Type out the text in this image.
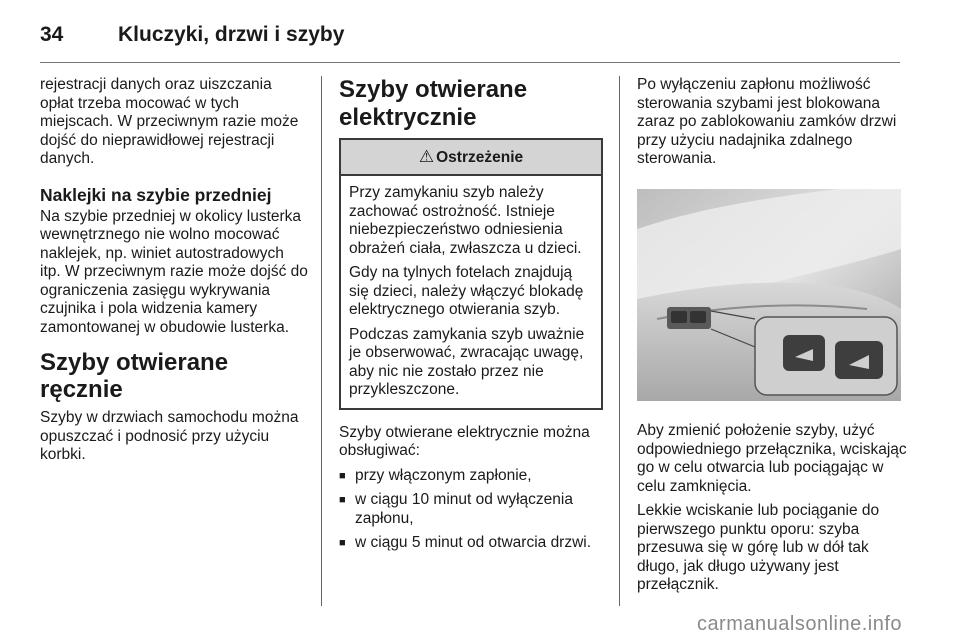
34	Kluczyki, drzwi i szyby

rejestracji danych oraz uiszczania opłat trzeba mocować w tych miejscach. W przeciwnym razie może dojść do nieprawidłowej rejestracji danych.

Naklejki na szybie przedniej

Na szybie przedniej w okolicy lusterka wewnętrznego nie wolno mocować naklejek, np. winiet autostradowych itp. W przeciwnym razie może dojść do ograniczenia zasięgu wykrywania czujnika i pola widzenia kamery zamontowanej w obudowie lusterka.

Szyby otwierane ręcznie

Szyby w drzwiach samochodu można opuszczać i podnosić przy użyciu korbki.

Szyby otwierane elektrycznie
⚠ Ostrzeżenie

Przy zamykaniu szyb należy zachować ostrożność. Istnieje niebezpieczeństwo odniesienia obrażeń ciała, zwłaszcza u dzieci.

Gdy na tylnych fotelach znajdują się dzieci, należy włączyć blokadę elektrycznego otwierania szyb.

Podczas zamykania szyb uważnie je obserwować, zwracając uwagę, aby nic nie zostało przez nie przykleszczone.

Szyby otwierane elektrycznie można obsługiwać:

■ przy włączonym zapłonie,
■ w ciągu 10 minut od wyłączenia zapłonu,
■ w ciągu 5 minut od otwarcia drzwi.

Po wyłączeniu zapłonu możliwość sterowania szybami jest blokowana zaraz po zablokowaniu zamków drzwi przy użyciu nadajnika zdalnego sterowania.

Aby zmienić położenie szyby, użyć odpowiedniego przełącznika, wciskając go w celu otwarcia lub pociągając w celu zamknięcia.

Lekkie wciskanie lub pociąganie do pierwszego punktu oporu: szyba przesuwa się w górę lub w dół tak długo, jak długo używany jest przełącznik.

carmanualsonline.info
